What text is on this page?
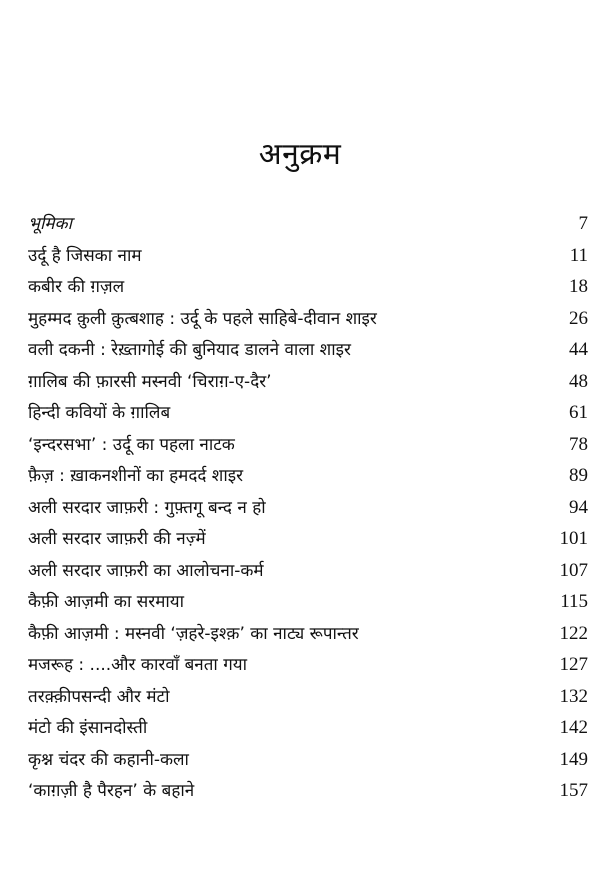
अनुक्रम
भूमिका	7
उर्दू है जिसका नाम	11
कबीर की ग़ज़ल	18
मुहम्मद क़ुली क़ुत्बशाह : उर्दू के पहले साहिबे-दीवान शाइर	26
वली दकनी : रेख़्तागोई की बुनियाद डालने वाला शाइर	44
ग़ालिब की फ़ारसी मस्नवी ‘चिराग़-ए-दैर’	48
हिन्दी कवियों के ग़ालिब	61
‘इन्दरसभा’ : उर्दू का पहला नाटक	78
फ़ैज़ : ख़ाकनशीनों का हमदर्द शाइर	89
अली सरदार जाफ़री : गुफ़्तगू बन्द न हो	94
अली सरदार जाफ़री की नज़्में	101
अली सरदार जाफ़री का आलोचना-कर्म	107
कैफ़ी आज़मी का सरमाया	115
कैफ़ी आज़मी : मस्नवी ‘ज़हरे-इश्क़’ का नाट्य रूपान्तर	122
मजरूह : ....और कारवाँ बनता गया	127
तरक़्क़ीपसन्दी और मंटो	132
मंटो की इंसानदोस्ती	142
कृश्न चंदर की कहानी-कला	149
‘काग़ज़ी है पैरहन’ के बहाने	157
